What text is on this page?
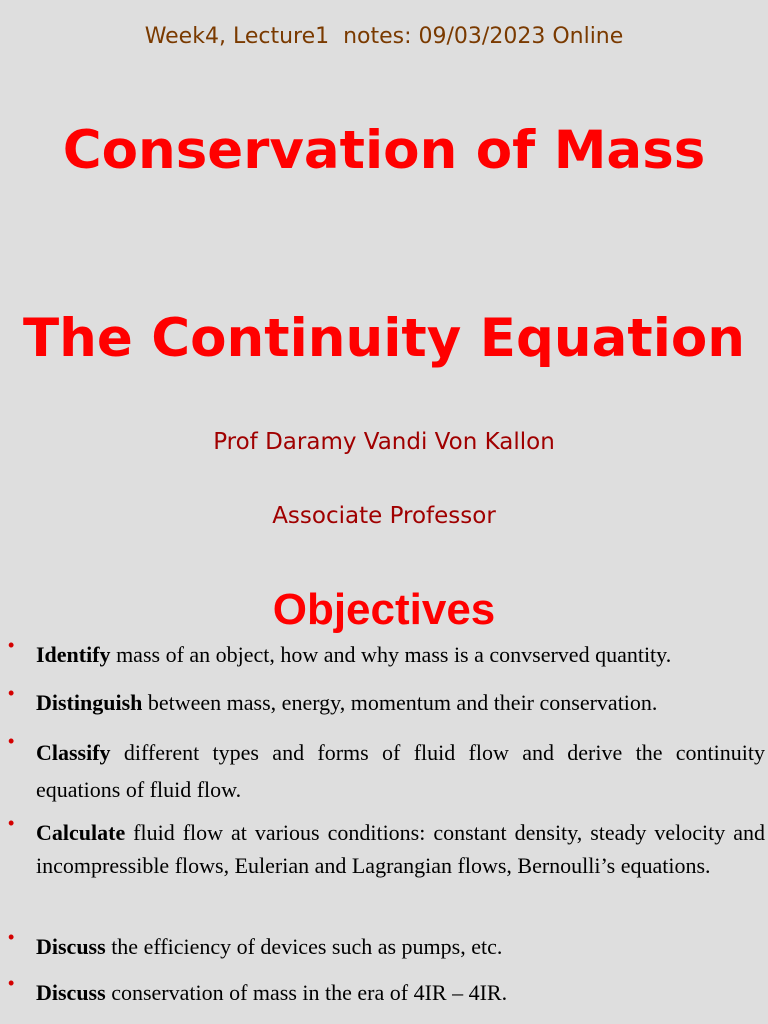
Week4, Lecture1  notes: 09/03/2023 Online
Conservation of Mass
The Continuity Equation
Prof Daramy Vandi Von Kallon
Associate Professor
Objectives
• Identify mass of an object, how and why mass is a convserved quantity.
• Distinguish between mass, energy, momentum and their conservation.
• Classify different types and forms of fluid flow and derive the continuity equations of fluid flow.
• Calculate fluid flow at various conditions: constant density, steady velocity and incompressible flows, Eulerian and Lagrangian flows, Bernoulli’s equations.
• Discuss the efficiency of devices such as pumps, etc.
• Discuss conservation of mass in the era of 4IR – 4IR.
